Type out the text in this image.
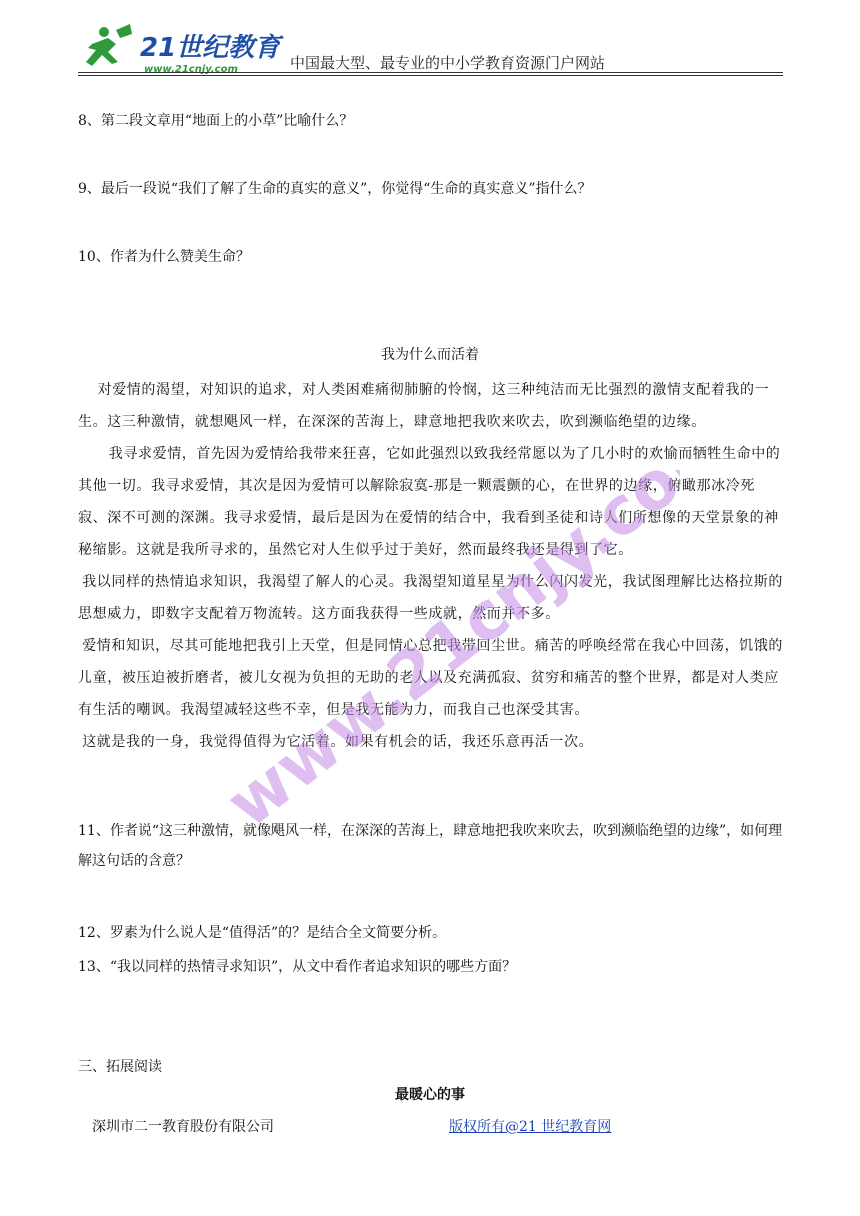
21世纪教育
www.21cnjy.com	中国最大型、最专业的中小学教育资源门户网站
8、第二段文章用“地面上的小草”比喻什么？
9、最后一段说“我们了解了生命的真实的意义”，你觉得“生命的真实意义”指什么？
10、作者为什么赞美生命？
我为什么而活着

对爱情的渴望，对知识的追求，对人类困难痛彻肺腑的怜悯，这三种纯洁而无比强烈的激情支配着我的一生。这三种激情，就想飓风一样，在深深的苦海上，肆意地把我吹来吹去，吹到濒临绝望的边缘。

我寻求爱情，首先因为爱情给我带来狂喜，它如此强烈以致我经常愿以为了几小时的欢愉而牺牲生命中的其他一切。我寻求爱情，其次是因为爱情可以解除寂寞-那是一颗震颤的心，在世界的边缘，俯瞰那冰冷死寂、深不可测的深渊。我寻求爱情，最后是因为在爱情的结合中，我看到圣徒和诗人们所想像的天堂景象的神秘缩影。这就是我所寻求的，虽然它对人生似乎过于美好，然而最终我还是得到了它。

我以同样的热情追求知识，我渴望了解人的心灵。我渴望知道星星为什么闪闪发光，我试图理解比达格拉斯的思想威力，即数字支配着万物流转。这方面我获得一些成就，然而并不多。

爱情和知识，尽其可能地把我引上天堂，但是同情心总把我带回尘世。痛苦的呼唤经常在我心中回荡，饥饿的儿童，被压迫被折磨者，被儿女视为负担的无助的老人以及充满孤寂、贫穷和痛苦的整个世界，都是对人类应有生活的嘲讽。我渴望减轻这些不幸，但是我无能为力，而我自己也深受其害。

这就是我的一身，我觉得值得为它活着。如果有机会的话，我还乐意再活一次。

www.21cnjy.com
11、作者说“这三种激情，就像飓风一样，在深深的苦海上，肆意地把我吹来吹去，吹到濒临绝望的边缘”，如何理解这句话的含意？
12、罗素为什么说人是“值得活”的？是结合全文简要分析。
13、“我以同样的热情寻求知识”，从文中看作者追求知识的哪些方面？
三、拓展阅读
最暖心的事
深圳市二一教育股份有限公司	版权所有@21 世纪教育网
